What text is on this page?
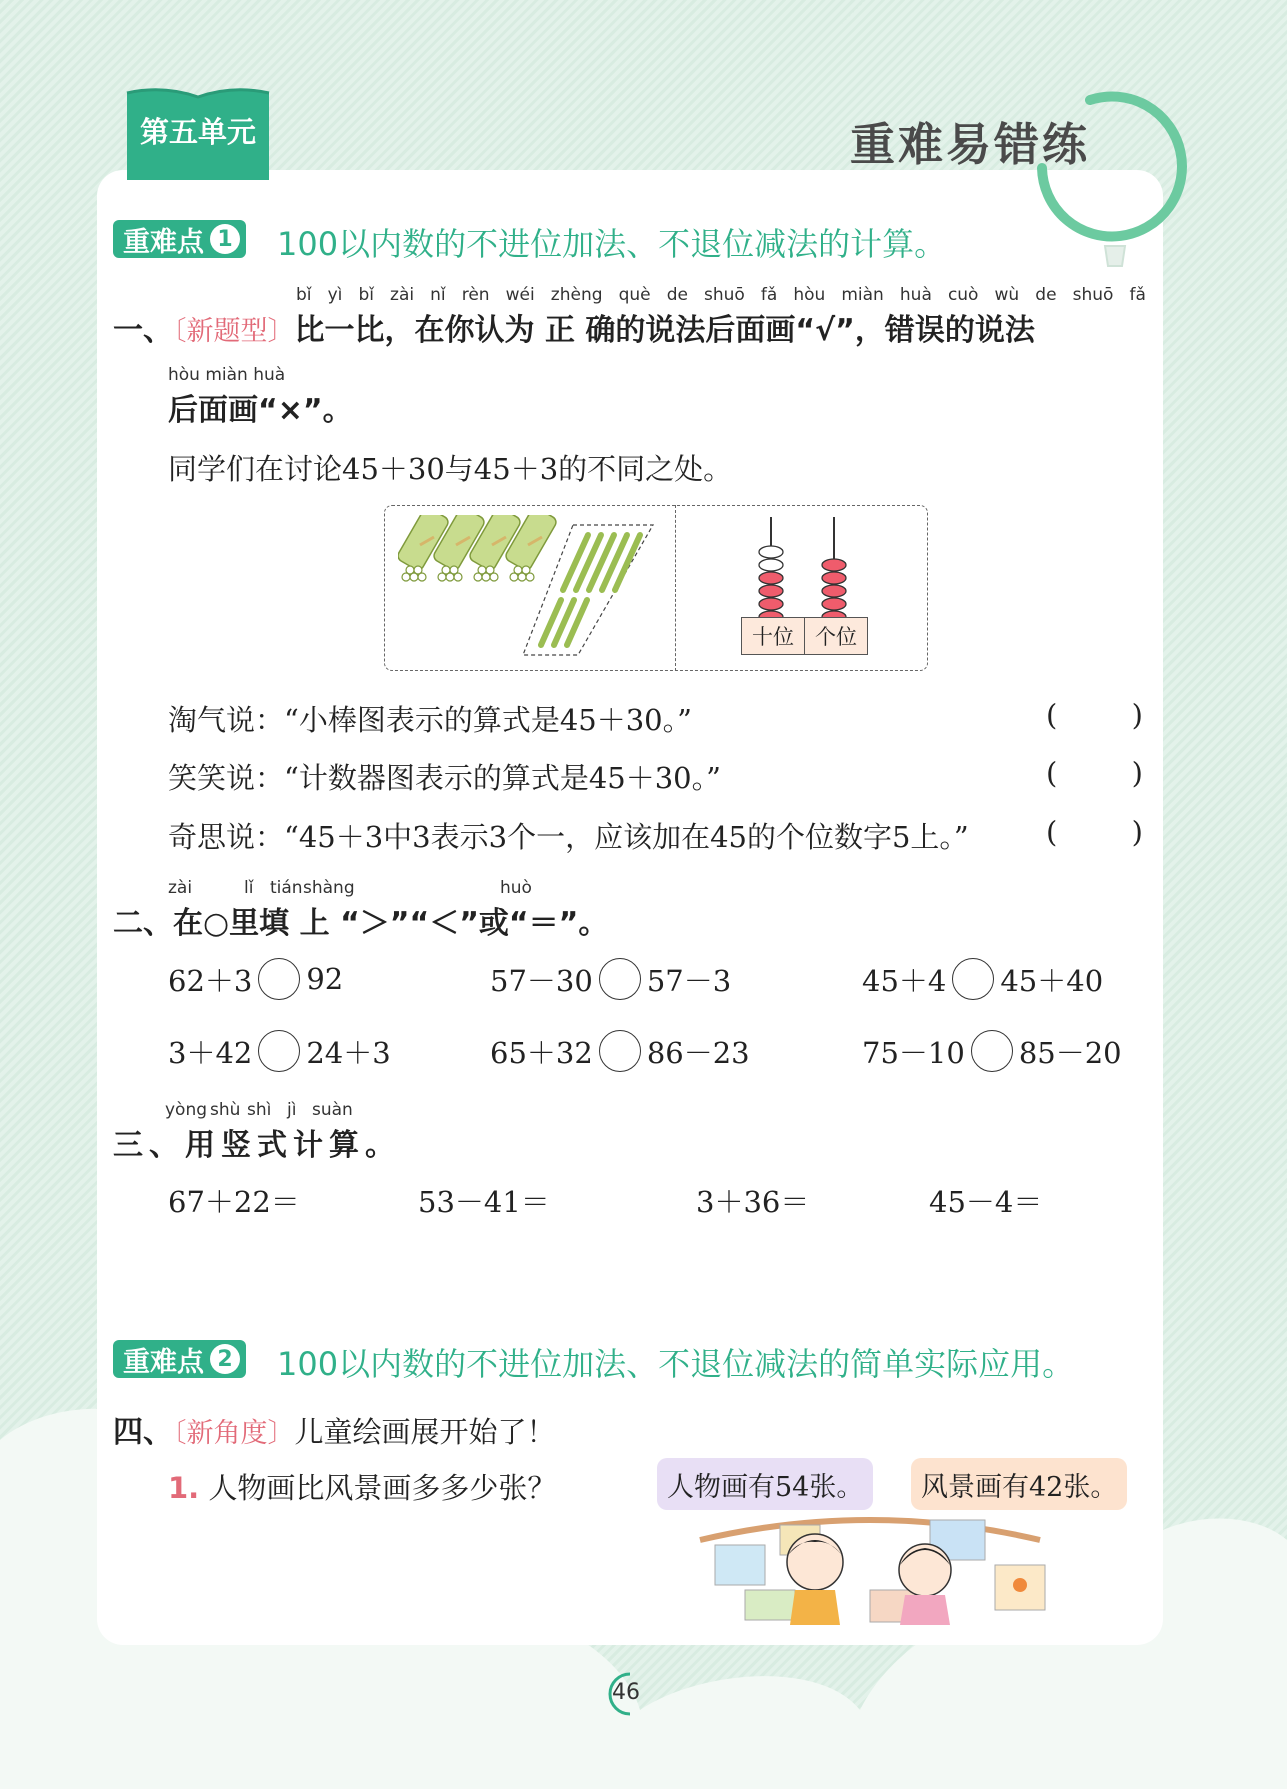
第五单元	重难易错练
重难点 1 100以内数的不进位加法、不退位减法的计算。
bǐ yì bǐ zài nǐ rèn wéi zhèng què de shuō fǎ hòu miàn huà cuò wù de shuō fǎ
一、〔新题型〕比一比，在你认为 正 确的说法后面画“√”，错误的说法
hòu miàn huà
后面画“×”。
同学们在讨论45＋30与45＋3的不同之处。
十位	个位
淘气说：“小棒图表示的算式是45＋30。”	(	)
笑笑说：“计数器图表示的算式是45＋30。”	(	)
奇思说：“45＋3中3表示3个一，应该加在45的个位数字5上。”	(	)
zài	lǐ tián shàng	huò
二、在○里填 上 “＞”“＜”或“＝”。
62＋3 92	57－30 57－3	45＋4 45＋40
3＋42 24＋3	65＋32 86－23	75－10 85－20
yòng shù shì jì suàn
三、用竖式计算。
67＋22＝	53－41＝	3＋36＝	45－4＝
重难点 2 100以内数的不进位加法、不退位减法的简单实际应用。
四、〔新角度〕儿童绘画展开始了！
1. 人物画比风景画多多少张？	人物画有54张。	风景画有42张。
46
